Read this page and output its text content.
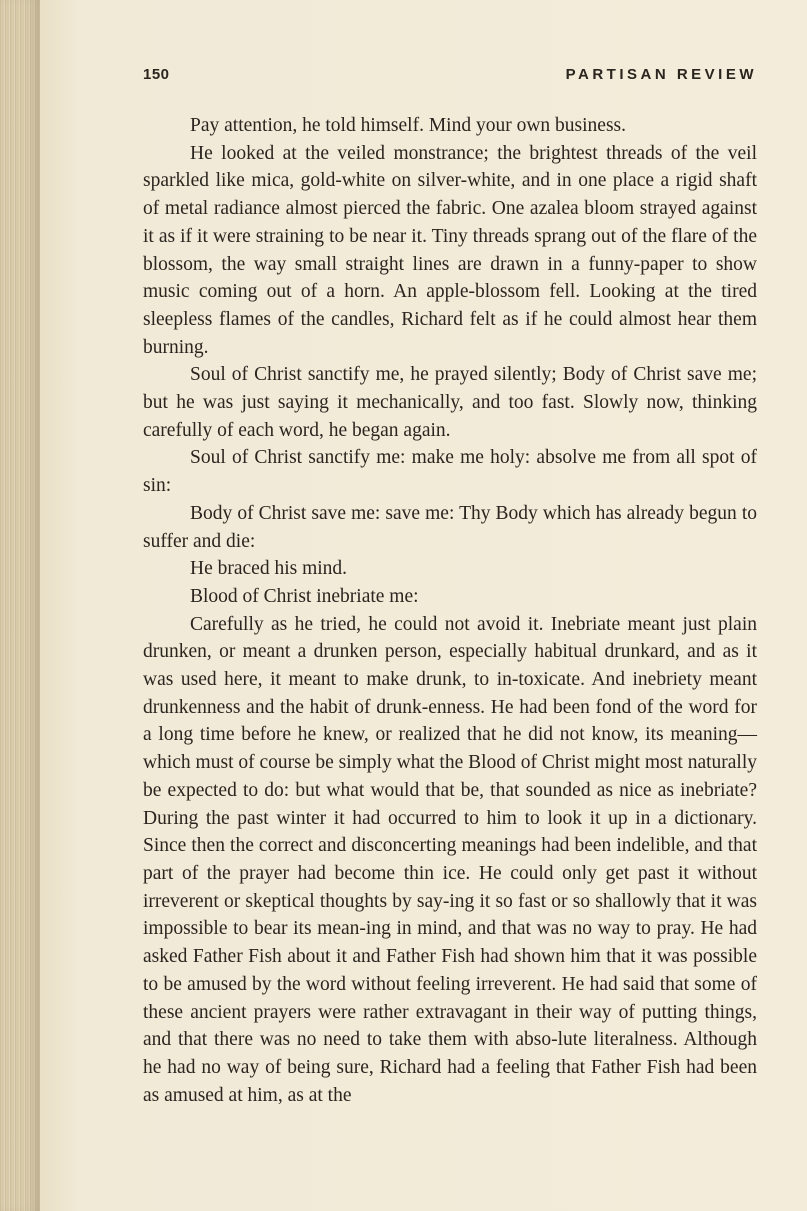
150	PARTISAN REVIEW

Pay attention, he told himself. Mind your own business.

He looked at the veiled monstrance; the brightest threads of the veil sparkled like mica, gold-white on silver-white, and in one place a rigid shaft of metal radiance almost pierced the fabric. One azalea bloom strayed against it as if it were straining to be near it. Tiny threads sprang out of the flare of the blossom, the way small straight lines are drawn in a funny-paper to show music coming out of a horn. An apple-blossom fell. Looking at the tired sleepless flames of the candles, Richard felt as if he could almost hear them burning.

Soul of Christ sanctify me, he prayed silently; Body of Christ save me; but he was just saying it mechanically, and too fast. Slowly now, thinking carefully of each word, he began again.

Soul of Christ sanctify me: make me holy: absolve me from all spot of sin:

Body of Christ save me: save me: Thy Body which has already begun to suffer and die:

He braced his mind.

Blood of Christ inebriate me:

Carefully as he tried, he could not avoid it. Inebriate meant just plain drunken, or meant a drunken person, especially habitual drunkard, and as it was used here, it meant to make drunk, to in-toxicate. And inebriety meant drunkenness and the habit of drunk-enness. He had been fond of the word for a long time before he knew, or realized that he did not know, its meaning—which must of course be simply what the Blood of Christ might most naturally be expected to do: but what would that be, that sounded as nice as inebriate? During the past winter it had occurred to him to look it up in a dictionary. Since then the correct and disconcerting meanings had been indelible, and that part of the prayer had become thin ice. He could only get past it without irreverent or skeptical thoughts by say-ing it so fast or so shallowly that it was impossible to bear its mean-ing in mind, and that was no way to pray. He had asked Father Fish about it and Father Fish had shown him that it was possible to be amused by the word without feeling irreverent. He had said that some of these ancient prayers were rather extravagant in their way of putting things, and that there was no need to take them with abso-lute literalness. Although he had no way of being sure, Richard had a feeling that Father Fish had been as amused at him, as at the
